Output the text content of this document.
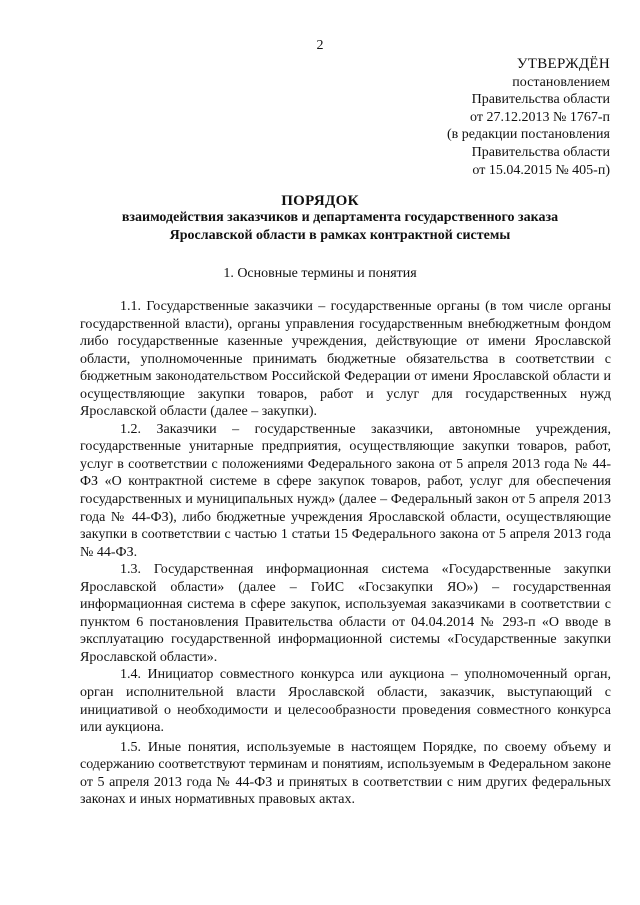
2
УТВЕРЖДЁН
постановлением
Правительства области
от 27.12.2013 № 1767-п
(в редакции постановления
Правительства области
от 15.04.2015 № 405-п)
ПОРЯДОК
взаимодействия заказчиков и департамента государственного заказа Ярославской области в рамках контрактной системы
1. Основные термины и понятия

1.1. Государственные заказчики – государственные органы (в том числе органы государственной власти), органы управления государственным внебюджетным фондом либо государственные казенные учреждения, действующие от имени Ярославской области, уполномоченные принимать бюджетные обязательства в соответствии с бюджетным законодательством Российской Федерации от имени Ярославской области и осуществляющие закупки товаров, работ и услуг для государственных нужд Ярославской области (далее – закупки).

1.2. Заказчики – государственные заказчики, автономные учреждения, государственные унитарные предприятия, осуществляющие закупки товаров, работ, услуг в соответствии с положениями Федерального закона от 5 апреля 2013 года № 44-ФЗ «О контрактной системе в сфере закупок товаров, работ, услуг для обеспечения государственных и муниципальных нужд» (далее – Федеральный закон от 5 апреля 2013 года № 44-ФЗ), либо бюджетные учреждения Ярославской области, осуществляющие закупки в соответствии с частью 1 статьи 15 Федерального закона от 5 апреля 2013 года № 44-ФЗ.

1.3. Государственная информационная система «Государственные закупки Ярославской области» (далее – ГоИС «Госзакупки ЯО») – государственная информационная система в сфере закупок, используемая заказчиками в соответствии с пунктом 6 постановления Правительства области от 04.04.2014 № 293-п «О вводе в эксплуатацию государственной информационной системы «Государственные закупки Ярославской области».

1.4. Инициатор совместного конкурса или аукциона – уполномоченный орган, орган исполнительной власти Ярославской области, заказчик, выступающий с инициативой о необходимости и целесообразности проведения совместного конкурса или аукциона.

1.5. Иные понятия, используемые в настоящем Порядке, по своему объему и содержанию соответствуют терминам и понятиям, используемым в Федеральном законе от 5 апреля 2013 года № 44-ФЗ и принятых в соответствии с ним других федеральных законах и иных нормативных правовых актах.
